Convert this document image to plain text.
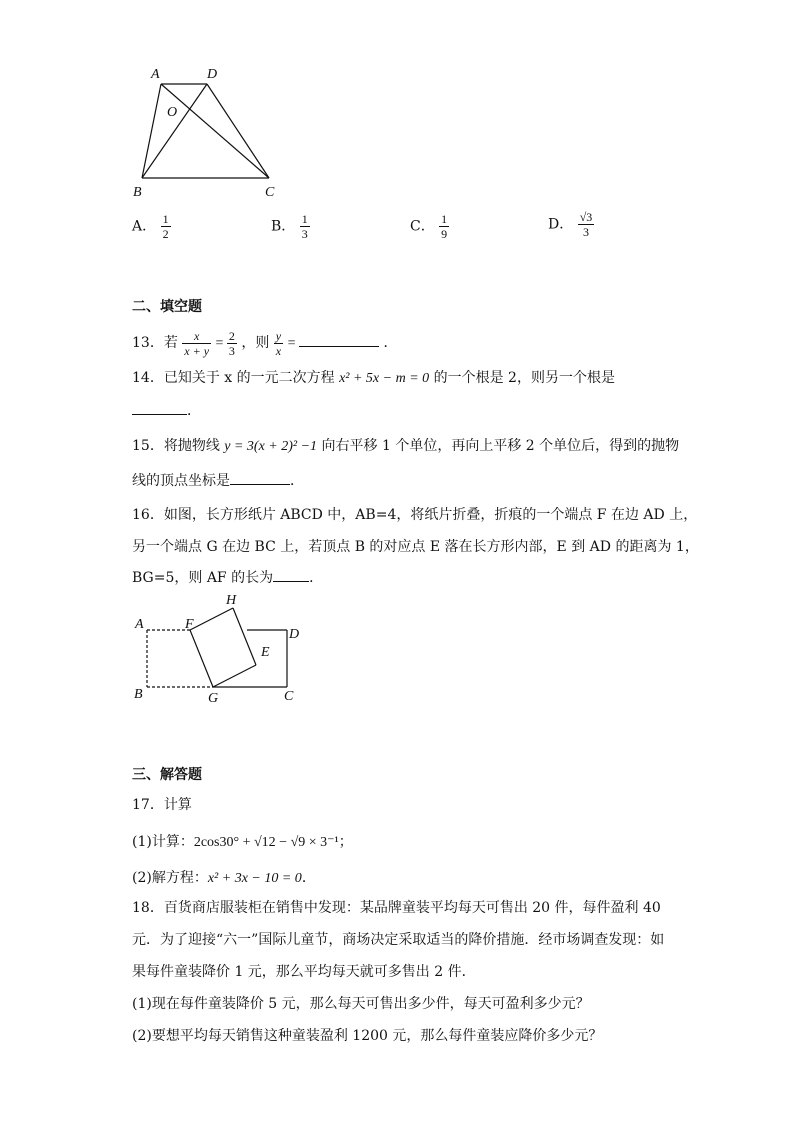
A	D
O
B	C
A． $\frac{1}{2}$	B． $\frac{1}{3}$	C． $\frac{1}{9}$	D． $\frac{√3}{3}$
二、填空题
13．若 $\frac{x}{x + y} = \frac{2}{3}$ ，则 $\frac{y}{x}$ =	．
14．已知关于 x 的一元二次方程 x² + 5x − m = 0 的一个根是 2，则另一个根是
．
15．将抛物线 y = 3(x + 2)² −1 向右平移 1 个单位，再向上平移 2 个单位后，得到的抛物
线的顶点坐标是	．
16．如图，长方形纸片 ABCD 中，AB=4，将纸片折叠，折痕的一个端点 F 在边 AD 上，
另一个端点 G 在边 BC 上，若顶点 B 的对应点 E 落在长方形内部，E 到 AD 的距离为 1，
BG=5，则 AF 的长为	．
H
A	F
D
E
B	G	C
三、解答题
17．计算
(1)计算：2cos30° + √12 − √9 × 3⁻¹；
(2)解方程：x² + 3x − 10 = 0．
18．百货商店服装柜在销售中发现：某品牌童装平均每天可售出 20 件，每件盈利 40
元．为了迎接“六一”国际儿童节，商场决定采取适当的降价措施．经市场调查发现：如
果每件童装降价 1 元，那么平均每天就可多售出 2 件．
(1)现在每件童装降价 5 元，那么每天可售出多少件，每天可盈利多少元？
(2)要想平均每天销售这种童装盈利 1200 元，那么每件童装应降价多少元？
